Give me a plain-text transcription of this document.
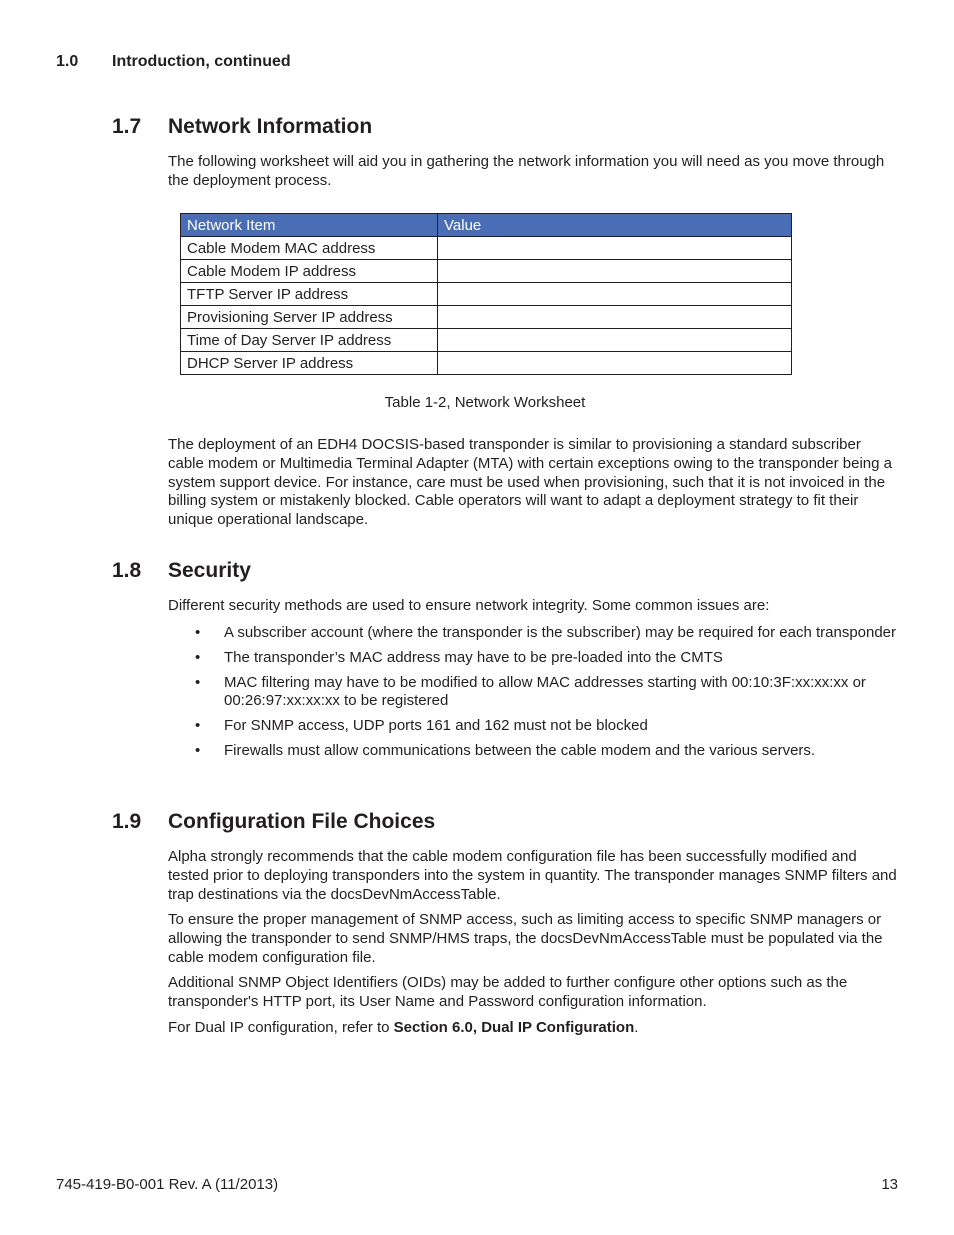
1.0 Introduction, continued
1.7 Network Information

The following worksheet will aid you in gathering the network information you will need as you move through the deployment process.

Network Item	Value
Cable Modem MAC address	
Cable Modem IP address	
TFTP Server IP address	
Provisioning Server IP address	
Time of Day Server IP address	
DHCP Server IP address	
Table 1-2, Network Worksheet

The deployment of an EDH4 DOCSIS-based transponder is similar to provisioning a standard subscriber cable modem or Multimedia Terminal Adapter (MTA) with certain exceptions owing to the transponder being a system support device. For instance, care must be used when provisioning, such that it is not invoiced in the billing system or mistakenly blocked. Cable operators will want to adapt a deployment strategy to fit their unique operational landscape.

1.8 Security

Different security methods are used to ensure network integrity. Some common issues are:

• A subscriber account (where the transponder is the subscriber) may be required for each transponder
• The transponder’s MAC address may have to be pre-loaded into the CMTS
• MAC filtering may have to be modified to allow MAC addresses starting with 00:10:3F:xx:xx:xx or 00:26:97:xx:xx:xx to be registered
• For SNMP access, UDP ports 161 and 162 must not be blocked
• Firewalls must allow communications between the cable modem and the various servers.
1.9 Configuration File Choices

Alpha strongly recommends that the cable modem configuration file has been successfully modified and tested prior to deploying transponders into the system in quantity. The transponder manages SNMP filters and trap destinations via the docsDevNmAccessTable.

To ensure the proper management of SNMP access, such as limiting access to specific SNMP managers or allowing the transponder to send SNMP/HMS traps, the docsDevNmAccessTable must be populated via the cable modem configuration file.

Additional SNMP Object Identifiers (OIDs) may be added to further configure other options such as the transponder's HTTP port, its User Name and Password configuration information.

For Dual IP configuration, refer to Section 6.0, Dual IP Configuration.

745-419-B0-001 Rev. A (11/2013)	13
